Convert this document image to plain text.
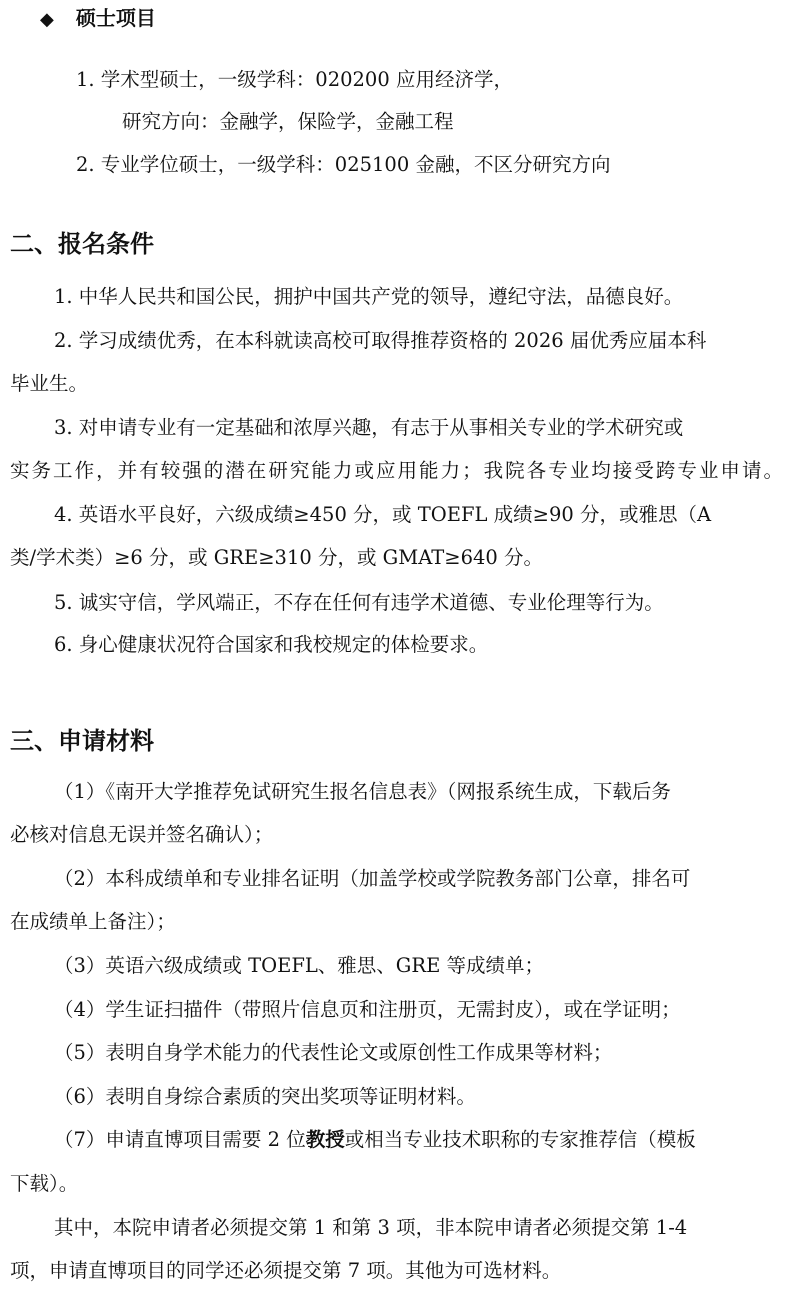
◆ 硕士项目
1. 学术型硕士，一级学科：020200 应用经济学，
研究方向：金融学，保险学，金融工程
2. 专业学位硕士，一级学科：025100 金融，不区分研究方向
二、报名条件
1. 中华人民共和国公民，拥护中国共产党的领导，遵纪守法，品德良好。
2. 学习成绩优秀，在本科就读高校可取得推荐资格的 2026 届优秀应届本科
毕业生。
3. 对申请专业有一定基础和浓厚兴趣，有志于从事相关专业的学术研究或
实务工作，并有较强的潜在研究能力或应用能力；我院各专业均接受跨专业申请。
4. 英语水平良好，六级成绩≥450 分，或 TOEFL 成绩≥90 分，或雅思（A
类/学术类）≥6 分，或 GRE≥310 分，或 GMAT≥640 分。
5. 诚实守信，学风端正，不存在任何有违学术道德、专业伦理等行为。
6. 身心健康状况符合国家和我校规定的体检要求。
三、申请材料
（1）《南开大学推荐免试研究生报名信息表》（网报系统生成，下载后务
必核对信息无误并签名确认）；
（2）本科成绩单和专业排名证明（加盖学校或学院教务部门公章，排名可
在成绩单上备注）；
（3）英语六级成绩或 TOEFL、雅思、GRE 等成绩单；
（4）学生证扫描件（带照片信息页和注册页，无需封皮），或在学证明；
（5）表明自身学术能力的代表性论文或原创性工作成果等材料；
（6）表明自身综合素质的突出奖项等证明材料。
（7）申请直博项目需要 2 位教授或相当专业技术职称的专家推荐信（模板
下载）。
其中，本院申请者必须提交第 1 和第 3 项，非本院申请者必须提交第 1-4
项，申请直博项目的同学还必须提交第 7 项。其他为可选材料。
